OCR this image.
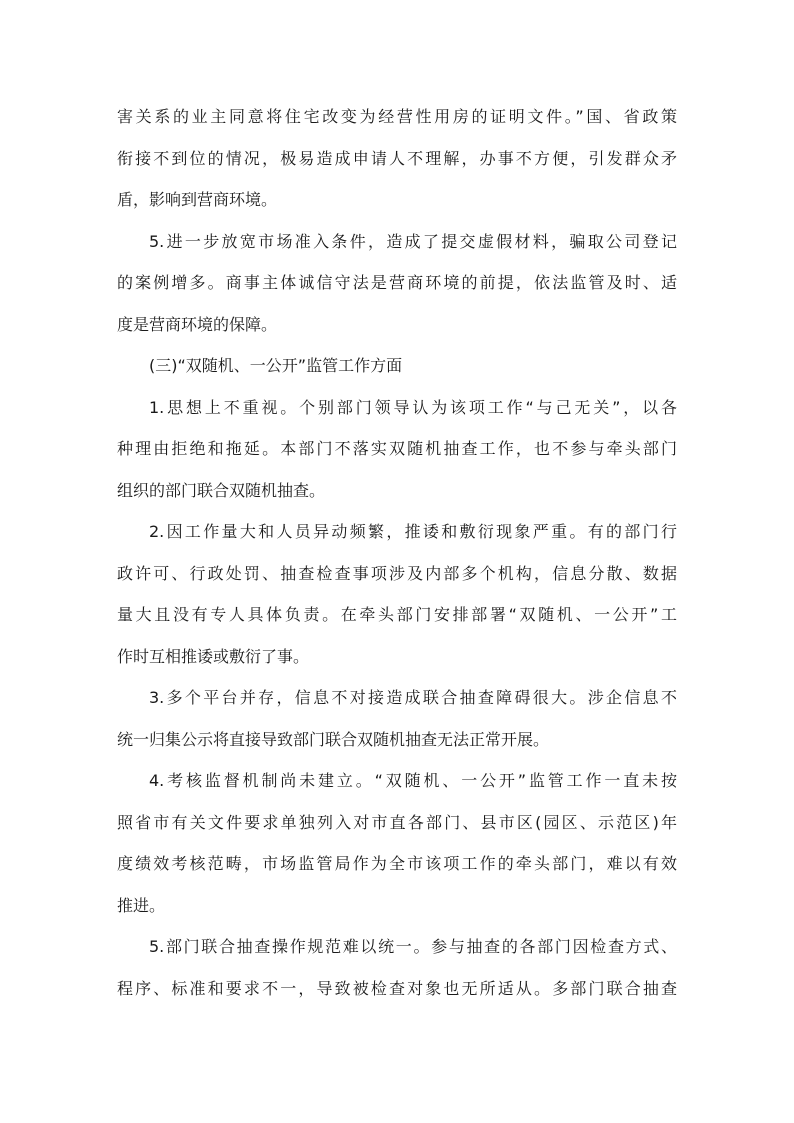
害关系的业主同意将住宅改变为经营性用房的证明文件。”国、省政策
衔接不到位的情况，极易造成申请人不理解，办事不方便，引发群众矛
盾，影响到营商环境。
5.进一步放宽市场准入条件，造成了提交虚假材料，骗取公司登记
的案例增多。商事主体诚信守法是营商环境的前提，依法监管及时、适
度是营商环境的保障。
(三)“双随机、一公开”监管工作方面
1.思想上不重视。个别部门领导认为该项工作“与己无关”，以各
种理由拒绝和拖延。本部门不落实双随机抽查工作，也不参与牵头部门
组织的部门联合双随机抽查。
2.因工作量大和人员异动频繁，推诿和敷衍现象严重。有的部门行
政许可、行政处罚、抽查检查事项涉及内部多个机构，信息分散、数据
量大且没有专人具体负责。在牵头部门安排部署“双随机、一公开”工
作时互相推诿或敷衍了事。
3.多个平台并存，信息不对接造成联合抽查障碍很大。涉企信息不
统一归集公示将直接导致部门联合双随机抽查无法正常开展。
4.考核监督机制尚未建立。“双随机、一公开”监管工作一直未按
照省市有关文件要求单独列入对市直各部门、县市区(园区、示范区)年
度绩效考核范畴，市场监管局作为全市该项工作的牵头部门，难以有效
推进。
5.部门联合抽查操作规范难以统一。参与抽查的各部门因检查方式、
程序、标准和要求不一，导致被检查对象也无所适从。多部门联合抽查
